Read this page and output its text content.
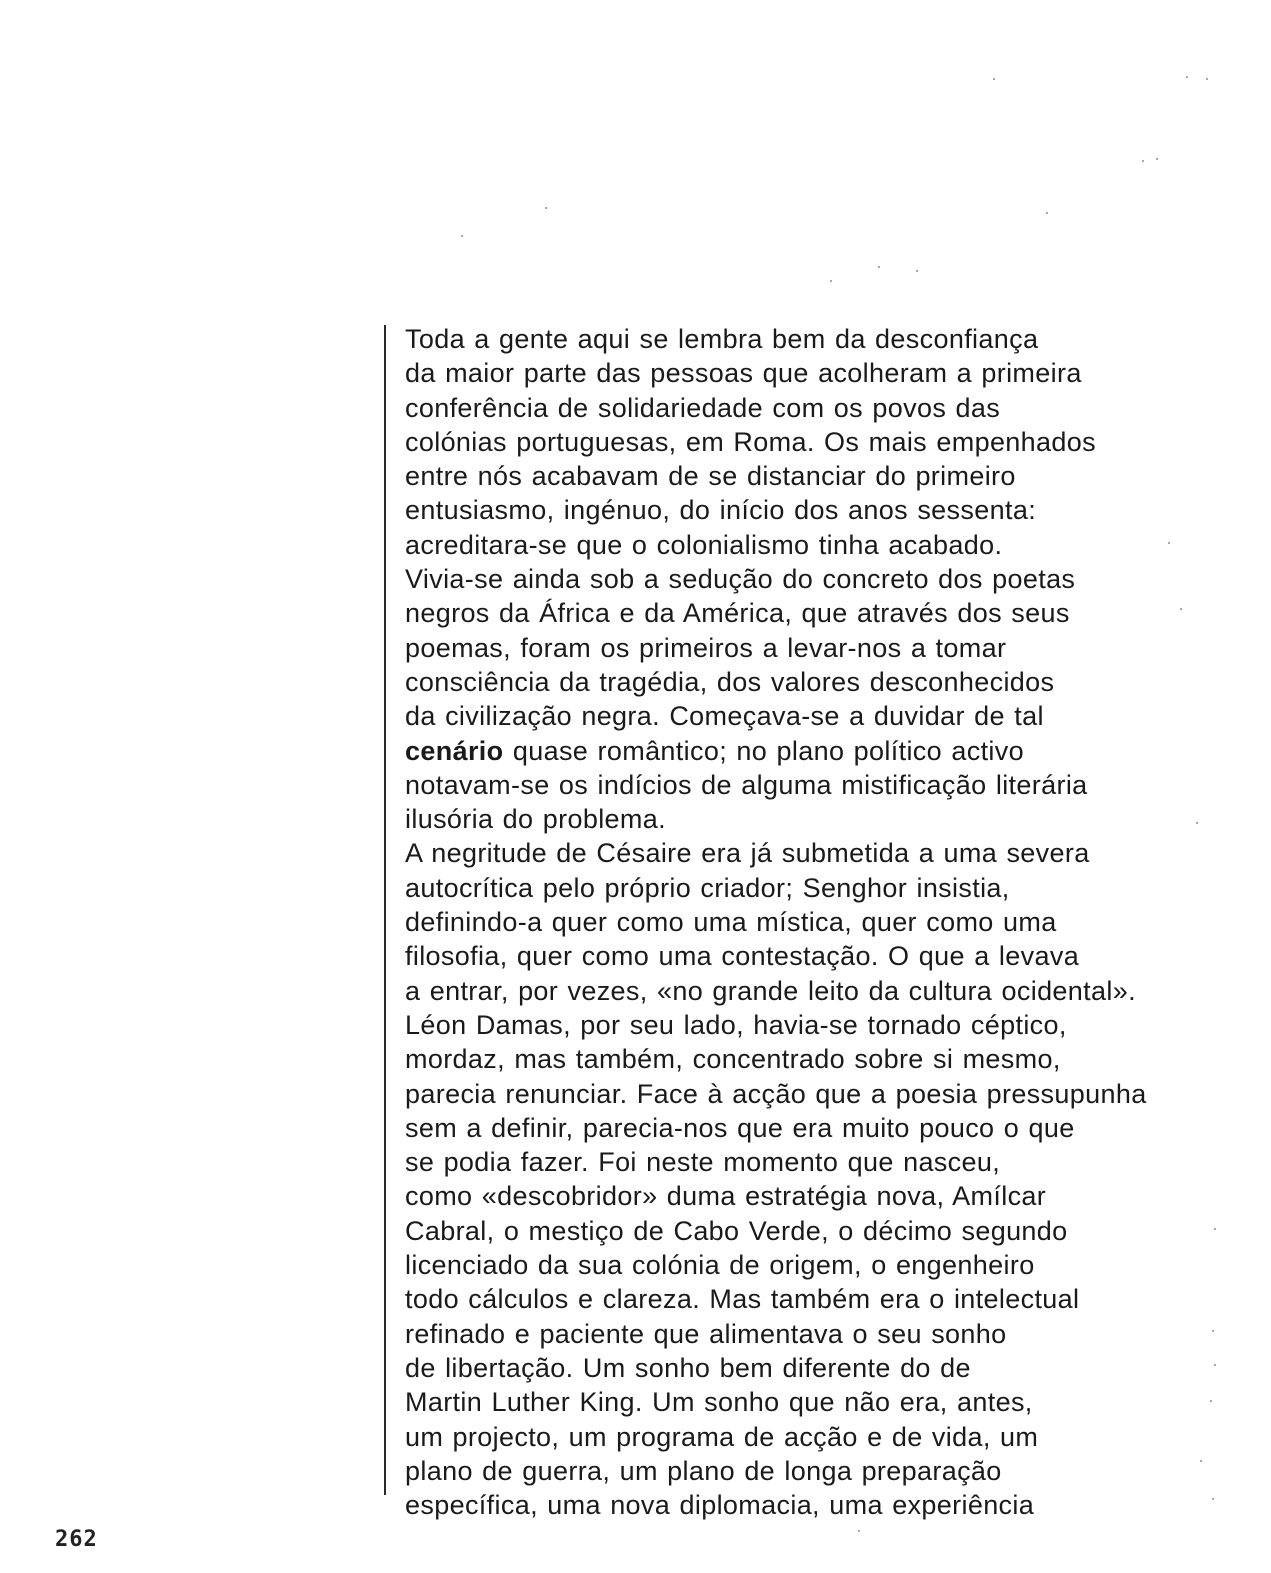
Toda a gente aqui se lembra bem da desconfiança
da maior parte das pessoas que acolheram a primeira
conferência de solidariedade com os povos das
colónias portuguesas, em Roma. Os mais empenhados
entre nós acabavam de se distanciar do primeiro
entusiasmo, ingénuo, do início dos anos sessenta:
acreditara-se que o colonialismo tinha acabado.
Vivia-se ainda sob a sedução do concreto dos poetas
negros da África e da América, que através dos seus
poemas, foram os primeiros a levar-nos a tomar
consciência da tragédia, dos valores desconhecidos
da civilização negra. Começava-se a duvidar de tal
cenário quase romântico; no plano político activo
notavam-se os indícios de alguma mistificação literária
ilusória do problema.
A negritude de Césaire era já submetida a uma severa
autocrítica pelo próprio criador; Senghor insistia,
definindo-a quer como uma mística, quer como uma
filosofia, quer como uma contestação. O que a levava
a entrar, por vezes, «no grande leito da cultura ocidental».
Léon Damas, por seu lado, havia-se tornado céptico,
mordaz, mas também, concentrado sobre si mesmo,
parecia renunciar. Face à acção que a poesia pressupunha
sem a definir, parecia-nos que era muito pouco o que
se podia fazer. Foi neste momento que nasceu,
como «descobridor» duma estratégia nova, Amílcar
Cabral, o mestiço de Cabo Verde, o décimo segundo
licenciado da sua colónia de origem, o engenheiro
todo cálculos e clareza. Mas também era o intelectual
refinado e paciente que alimentava o seu sonho
de libertação. Um sonho bem diferente do de
Martin Luther King. Um sonho que não era, antes,
um projecto, um programa de acção e de vida, um
plano de guerra, um plano de longa preparação
específica, uma nova diplomacia, uma experiência
262
